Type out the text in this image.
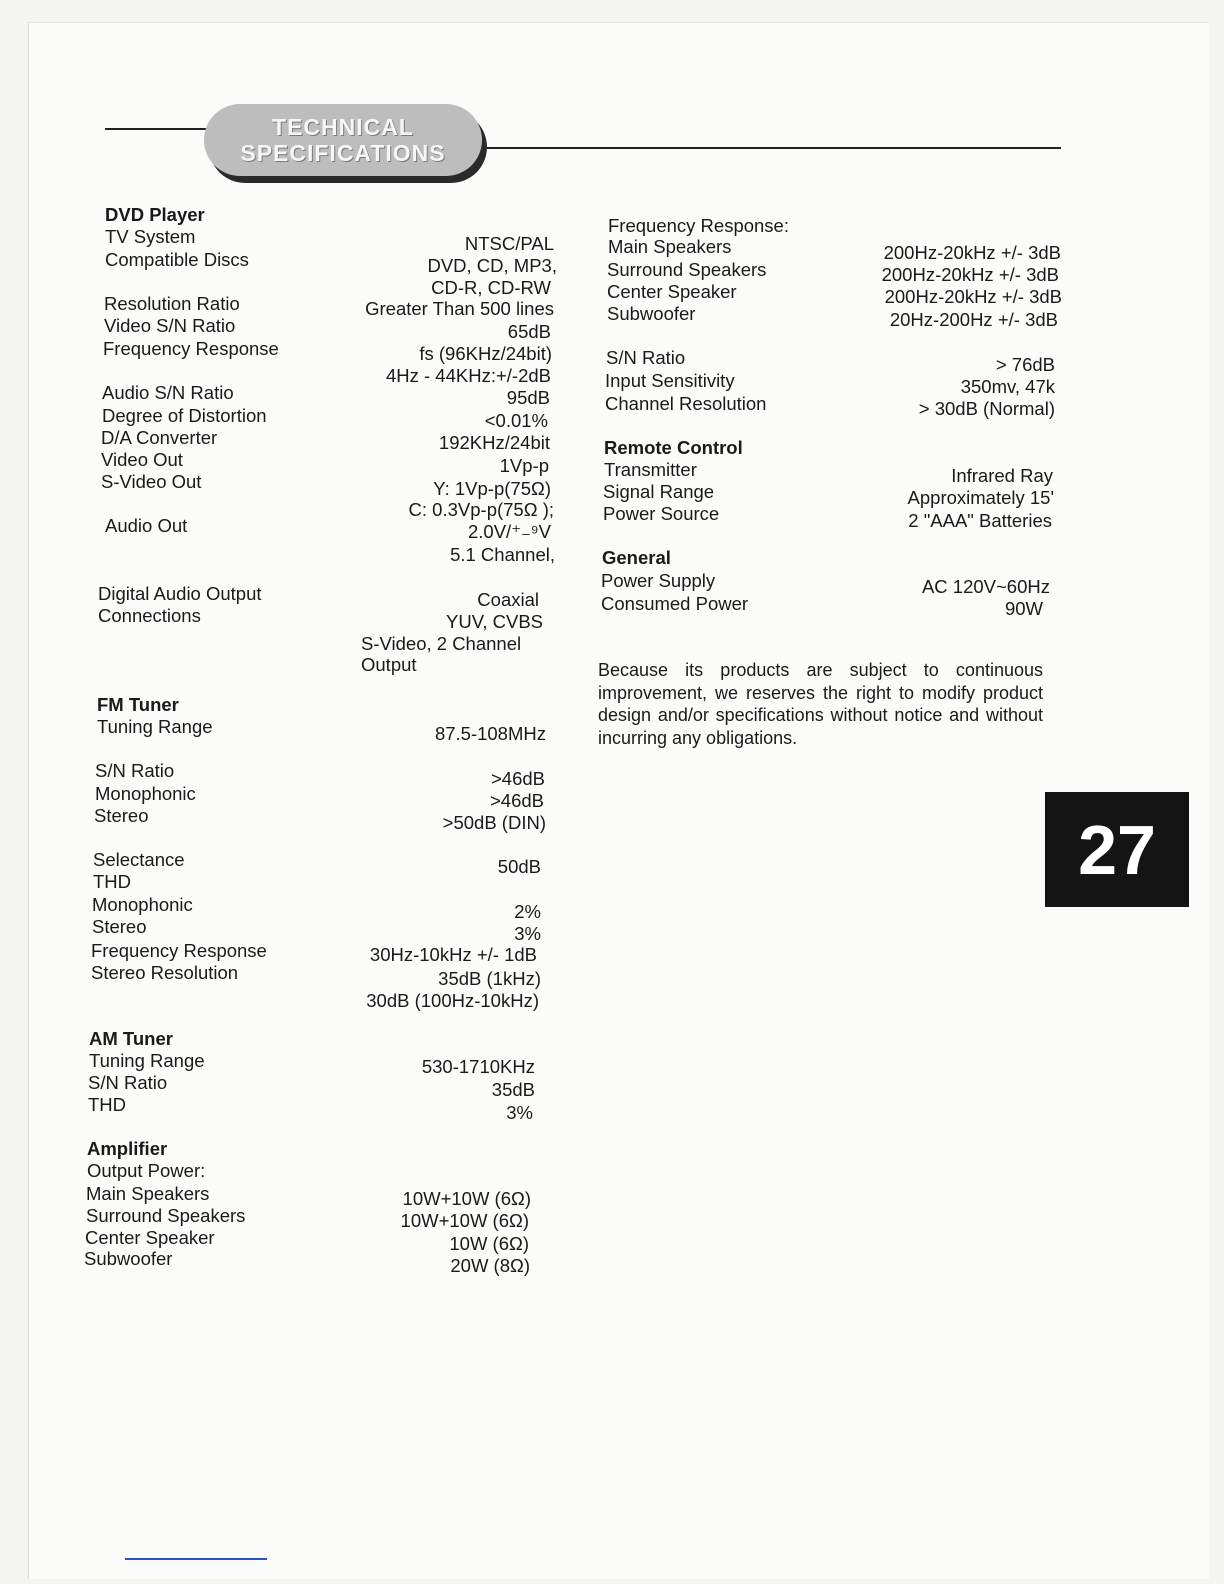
TECHNICAL
SPECIFICATIONS
DVD Player
TV System	NTSC/PAL
Compatible Discs	DVD, CD, MP3,
CD-R, CD-RW
Resolution Ratio	Greater Than 500 lines
Video S/N Ratio	65dB
Frequency Response	fs (96KHz/24bit)
4Hz - 44KHz:+/-2dB
Audio S/N Ratio	95dB
Degree of Distortion	<0.01%
D/A Converter	192KHz/24bit
Video Out	1Vp-p
S-Video Out	Y: 1Vp-p(75Ω)
C: 0.3Vp-p(75Ω );
Audio Out	2.0V/⁺₋⁹V
5.1 Channel,
Digital Audio Output	Coaxial
Connections	YUV, CVBS
S-Video, 2 Channel
Output
FM Tuner
Tuning Range	87.5-108MHz
S/N Ratio	>46dB
Monophonic	>46dB
Stereo	>50dB (DIN)
Selectance	50dB
THD
Monophonic	2%
Stereo	3%
Frequency Response	30Hz-10kHz +/- 1dB
Stereo Resolution	35dB (1kHz)
30dB (100Hz-10kHz)
AM Tuner
Tuning Range	530-1710KHz
S/N Ratio	35dB
THD	3%
Amplifier
Output Power:
Main Speakers	10W+10W (6Ω)
Surround Speakers	10W+10W (6Ω)
Center Speaker	10W (6Ω)
Subwoofer	20W (8Ω)
Frequency Response:
Main Speakers	200Hz-20kHz +/- 3dB
Surround Speakers	200Hz-20kHz +/- 3dB
Center Speaker	200Hz-20kHz +/- 3dB
Subwoofer	20Hz-200Hz +/- 3dB
S/N Ratio	> 76dB
Input Sensitivity	350mv, 47k
Channel Resolution	> 30dB (Normal)
Remote Control
Transmitter	Infrared Ray
Signal Range	Approximately 15'
Power Source	2 "AAA" Batteries
General
Power Supply	AC 120V~60Hz
Consumed Power	90W
Because its products are subject to continuous improvement, we reserves the right to modify product design and/or specifications without notice and without incurring any obligations.
27
